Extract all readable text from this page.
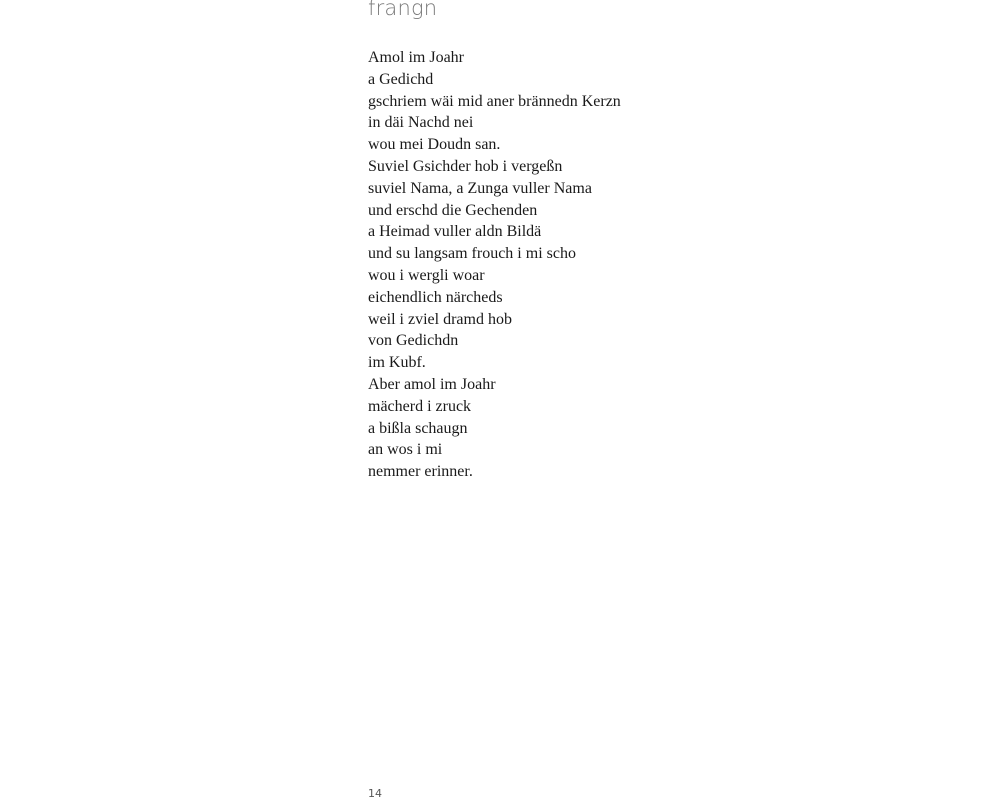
frangn
Amol im Joahr
a Gedichd
gschriem wäi mid aner brännedn Kerzn
in däi Nachd nei
wou mei Doudn san.
Suviel Gsichder hob i vergeßn
suviel Nama, a Zunga vuller Nama
und erschd die Gechenden
a Heimad vuller aldn Bildä
und su langsam frouch i mi scho
wou i wergli woar
eichendlich närcheds
weil i zviel dramd hob
von Gedichdn
im Kubf.
Aber amol im Joahr
mächerd i zruck
a bißla schaugn
an wos i mi
nemmer erinner.
14
